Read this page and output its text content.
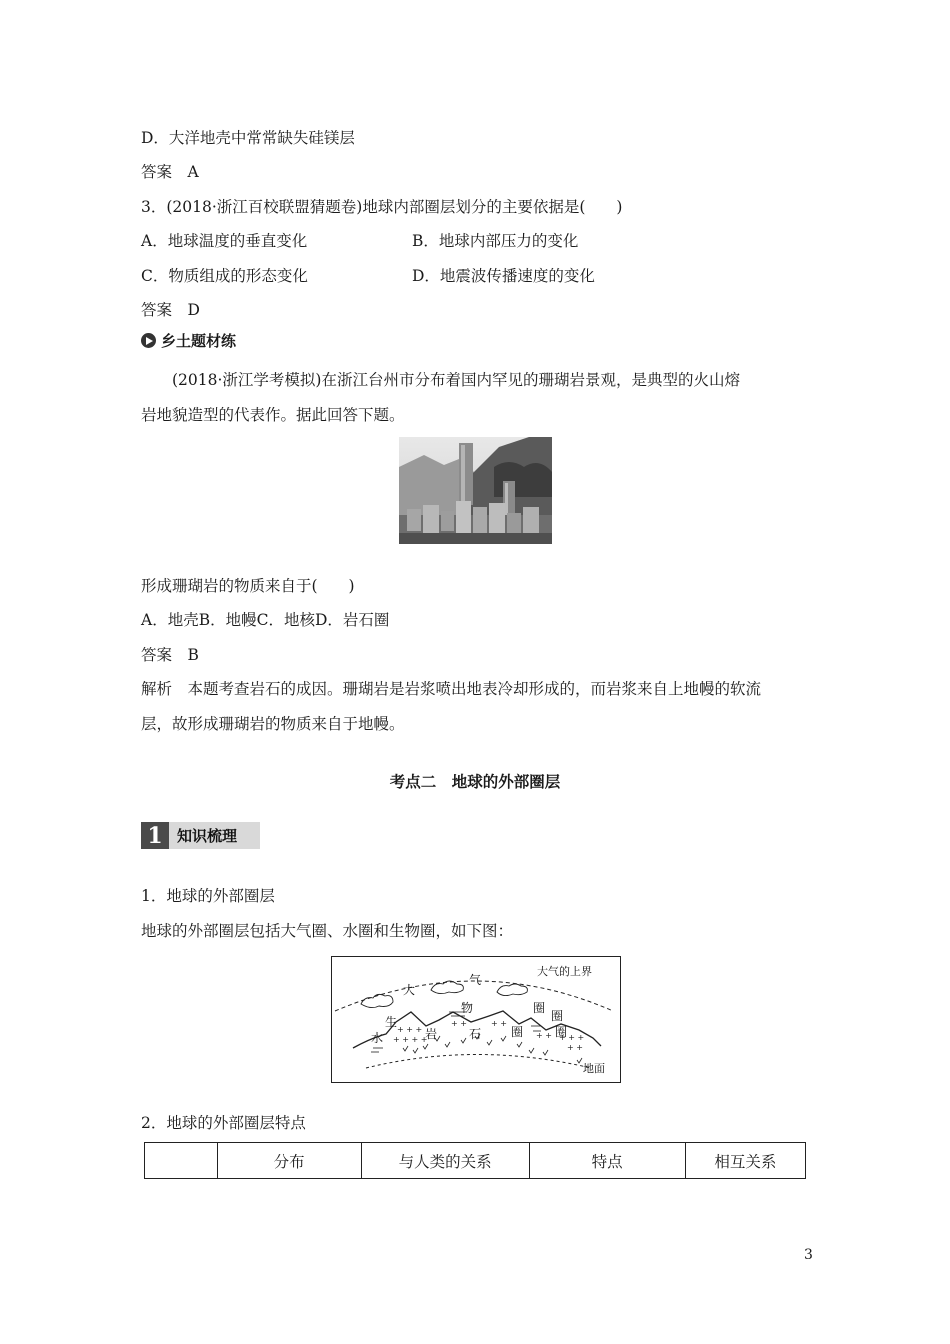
D．大洋地壳中常常缺失硅镁层
答案　A
3．(2018·浙江百校联盟猜题卷)地球内部圈层划分的主要依据是(　　)
A．地球温度的垂直变化	B．地球内部压力的变化
C．物质组成的形态变化	D．地震波传播速度的变化
答案　D
乡土题材练
(2018·浙江学考模拟)在浙江台州市分布着国内罕见的珊瑚岩景观，是典型的火山熔
岩地貌造型的代表作。据此回答下题。
形成珊瑚岩的物质来自于(　　)
A．地壳B．地幔C．地核D．岩石圈
答案　B
解析　本题考查岩石的成因。珊瑚岩是岩浆喷出地表冷却形成的，而岩浆来自上地幔的软流
层，故形成珊瑚岩的物质来自于地幔。
考点二　地球的外部圈层
1 知识梳理
1．地球的外部圈层
地球的外部圈层包括大气圈、水圈和生物圈，如下图：
+ + +
+ + + +
+ +	+ +
+ + + + +
+ +
大气的上界
地面
大
气
圈
生
物
圈
水	圈
岩	石 圈
2．地球的外部圈层特点
	分布	与人类的关系	特点	相互关系
3
